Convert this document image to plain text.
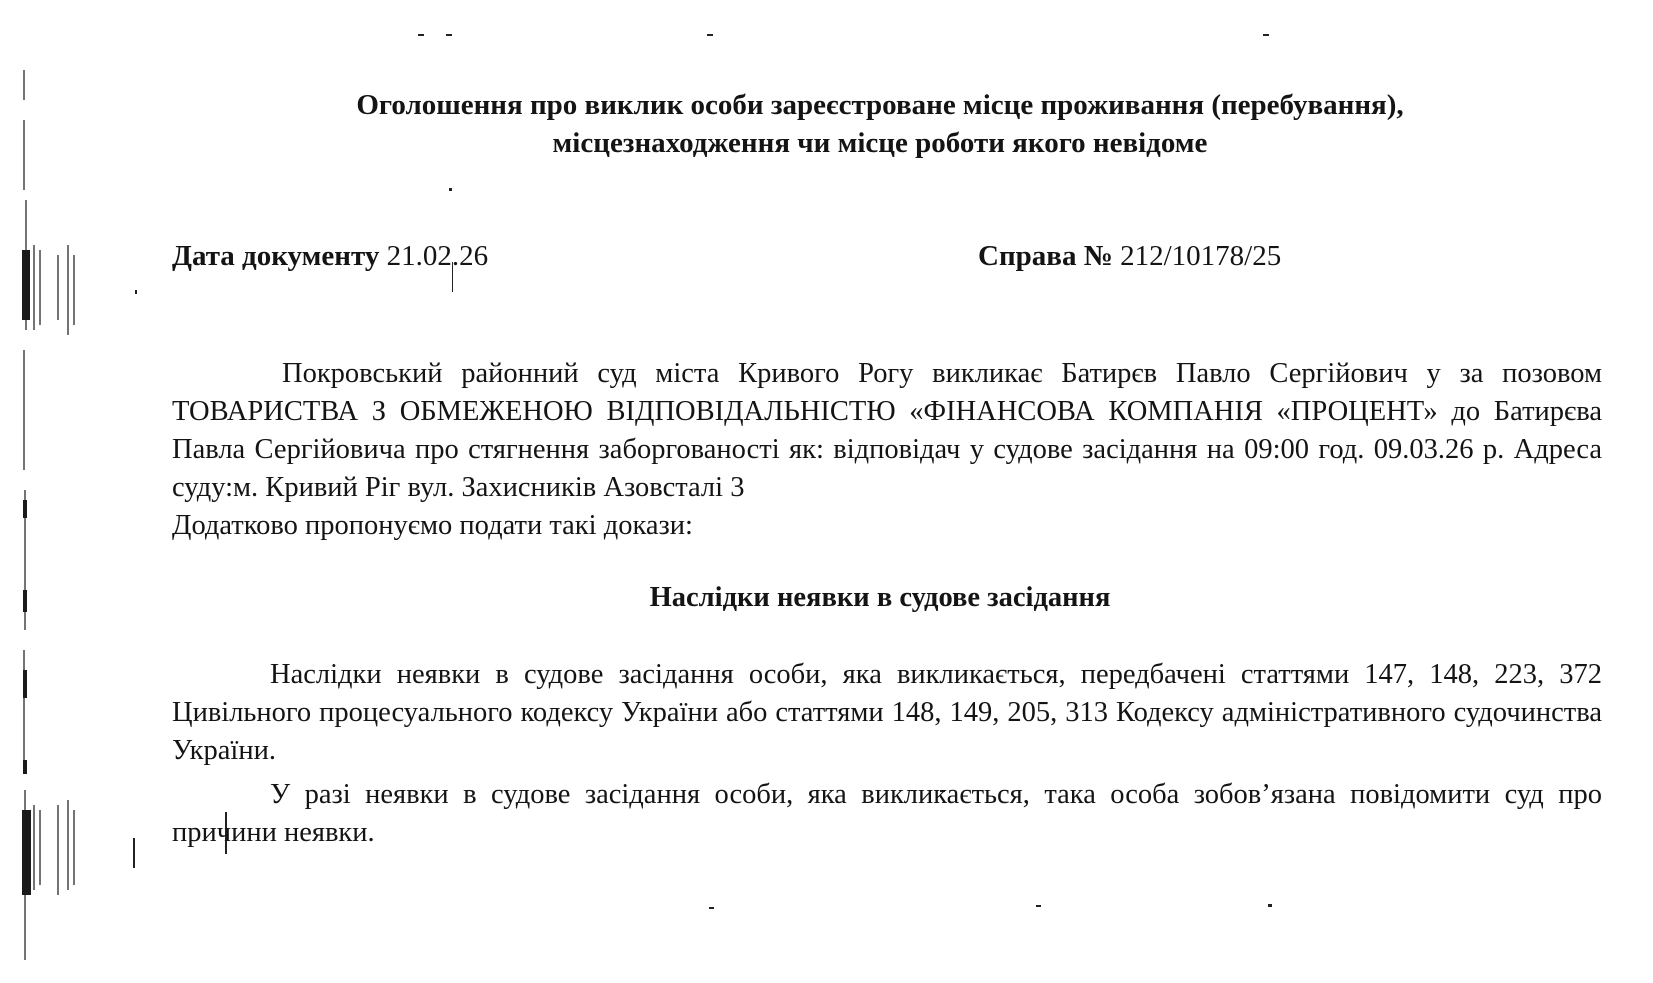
Оголошення про виклик особи зареєстроване місце проживання (перебування),
місцезнаходження чи місце роботи якого невідоме
Дата документу 21.02.26	Справа № 212/10178/25

Покровський районний суд міста Кривого Рогу викликає Батирєв Павло Сергійович у за позовом ТОВАРИСТВА З ОБМЕЖЕНОЮ ВІДПОВІДАЛЬНІСТЮ «ФІНАНСОВА КОМПАНІЯ «ПРОЦЕНТ» до Батирєва Павла Сергійовича про стягнення заборгованості як: відповідач у судове засідання на 09:00 год. 09.03.26 р. Адреса суду:м. Кривий Ріг вул. Захисників Азовсталі 3

Додатково пропонуємо подати такі докази:
Наслідки неявки в судове засідання

Наслідки неявки в судове засідання особи, яка викликається, передбачені статтями 147, 148, 223, 372 Цивільного процесуального кодексу України або статтями 148, 149, 205, 313 Кодексу адміністративного судочинства України.

У разі неявки в судове засідання особи, яка викликається, така особа зобов’язана повідомити суд про причини неявки.
